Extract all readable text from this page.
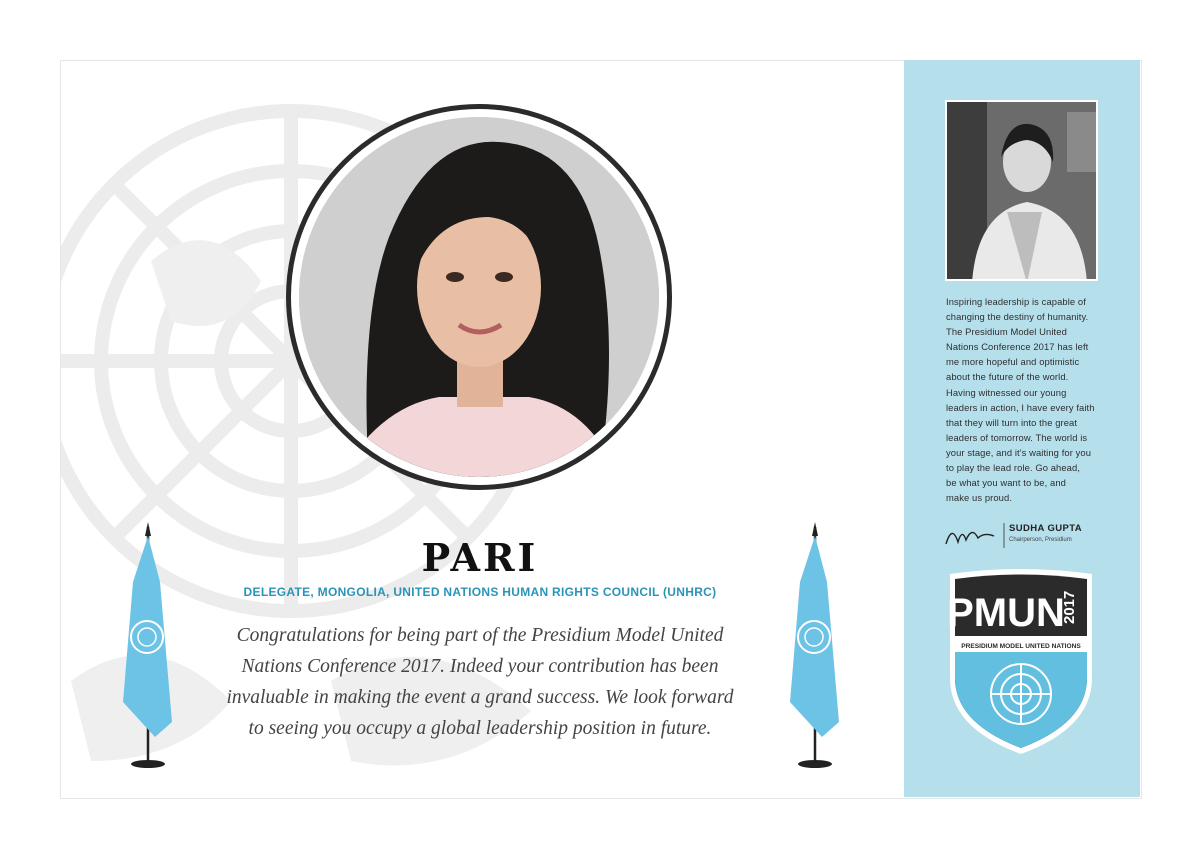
PARI
DELEGATE, MONGOLIA, UNITED NATIONS HUMAN RIGHTS COUNCIL (UNHRC)
Congratulations for being part of the Presidium Model United
Nations Conference 2017. Indeed your contribution has been
invaluable in making the event a grand success. We look forward
to seeing you occupy a global leadership position in future.
Inspiring leadership is capable of
changing the destiny of humanity.
The Presidium Model United
Nations Conference 2017 has left
me more hopeful and optimistic
about the future of the world.
Having witnessed our young
leaders in action, I have every faith
that they will turn into the great
leaders of tomorrow. The world is
your stage, and it's waiting for you
to play the lead role. Go ahead,
be what you want to be, and
make us proud.
SUDHA GUPTA
Chairperson, Presidium
PMUN
2017
PRESIDIUM MODEL UNITED NATIONS
